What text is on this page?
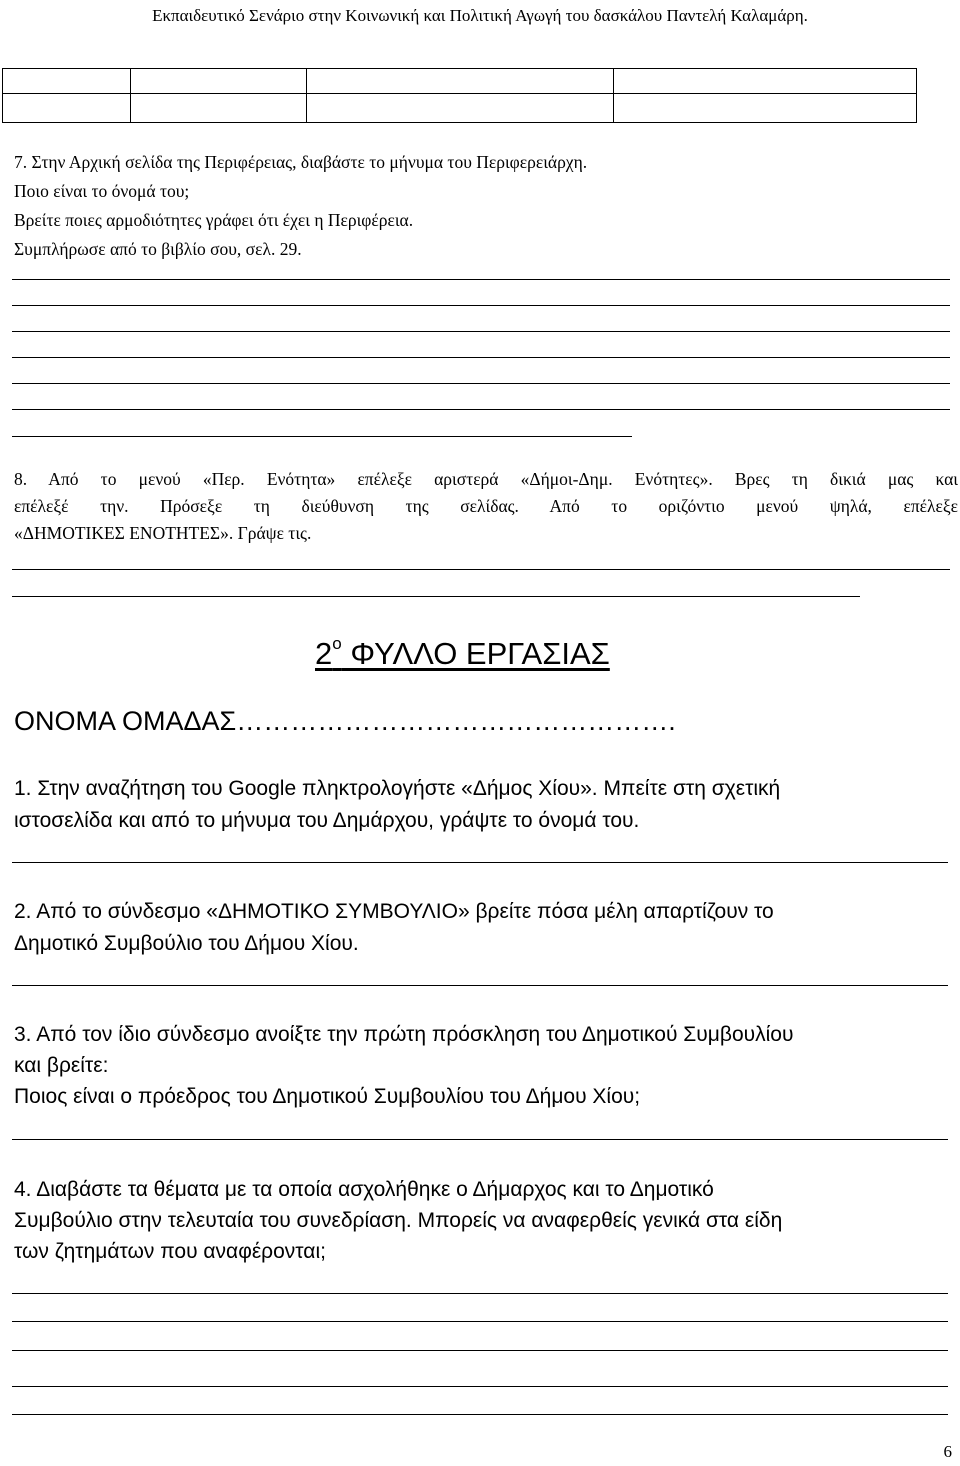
Εκπαιδευτικό Σενάριο στην Κοινωνική και Πολιτική Αγωγή του δασκάλου Παντελή Καλαμάρη.
7. Στην Αρχική σελίδα της Περιφέρειας, διαβάστε το μήνυμα του Περιφερειάρχη.
Ποιο είναι το όνομά του;
Βρείτε ποιες αρμοδιότητες γράφει ότι έχει η Περιφέρεια.
Συμπλήρωσε από το βιβλίο σου, σελ. 29.
8. Από το μενού «Περ. Ενότητα» επέλεξε αριστερά «Δήμοι-Δημ. Ενότητες». Βρες τη δικιά μας και
επέλεξέ την. Πρόσεξε τη διεύθυνση της σελίδας. Από το οριζόντιο μενού ψηλά, επέλεξε
«ΔΗΜΟΤΙΚΕΣ ΕΝΟΤΗΤΕΣ». Γράψε τις.
$2^o$ ΦΥΛΛΟ ΕΡΓΑΣΙΑΣ
ΟΝΟΜΑ ΟΜΑΔΑΣ………………………………………….
1. Στην αναζήτηση του Google πληκτρολογήστε «Δήμος Χίου». Μπείτε στη σχετική
ιστοσελίδα και από το μήνυμα του Δημάρχου, γράψτε το όνομά του.
2. Από το σύνδεσμο «ΔΗΜΟΤΙΚΟ ΣΥΜΒΟΥΛΙΟ» βρείτε πόσα μέλη απαρτίζουν το
Δημοτικό Συμβούλιο του Δήμου Χίου.
3. Από τον ίδιο σύνδεσμο ανοίξτε την πρώτη πρόσκληση του Δημοτικού Συμβουλίου
και βρείτε:
Ποιος είναι ο πρόεδρος του Δημοτικού Συμβουλίου του Δήμου Χίου;
4. Διαβάστε τα θέματα με τα οποία ασχολήθηκε ο Δήμαρχος και το Δημοτικό
Συμβούλιο στην τελευταία του συνεδρίαση. Μπορείς να αναφερθείς γενικά στα είδη
των ζητημάτων που αναφέρονται;
6
